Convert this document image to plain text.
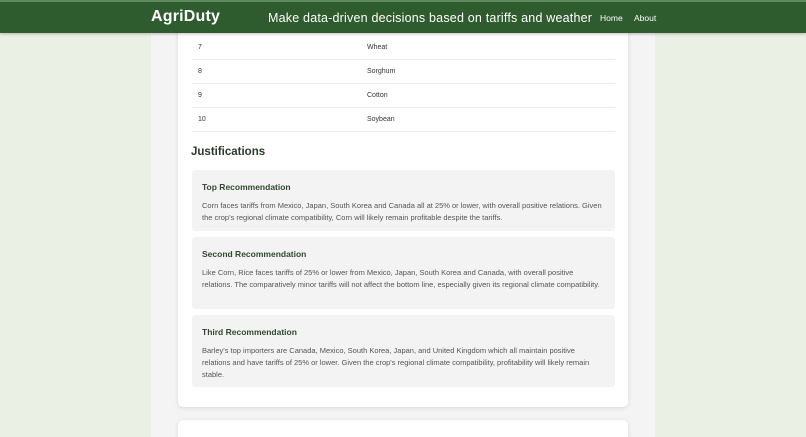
AgriDuty	Make data-driven decisions based on tariffs and weather Home About
7	Wheat
8	Sorghum
9	Cotton
10	Soybean
Justifications
Top Recommendation

Corn faces tariffs from Mexico, Japan, South Korea and Canada all at 25% or lower, with overall positive relations. Given the crop's regional climate compatibility, Corn will likely remain profitable despite the tariffs.

Second Recommendation

Like Corn, Rice faces tariffs of 25% or lower from Mexico, Japan, South Korea and Canada, with overall positive relations. The comparatively minor tariffs will not affect the bottom line, especially given its regional climate compatibility.

Third Recommendation

Barley's top importers are Canada, Mexico, South Korea, Japan, and United Kingdom which all maintain positive relations and have tariffs of 25% or lower. Given the crop's regional climate compatibility, profitability will likely remain stable.
